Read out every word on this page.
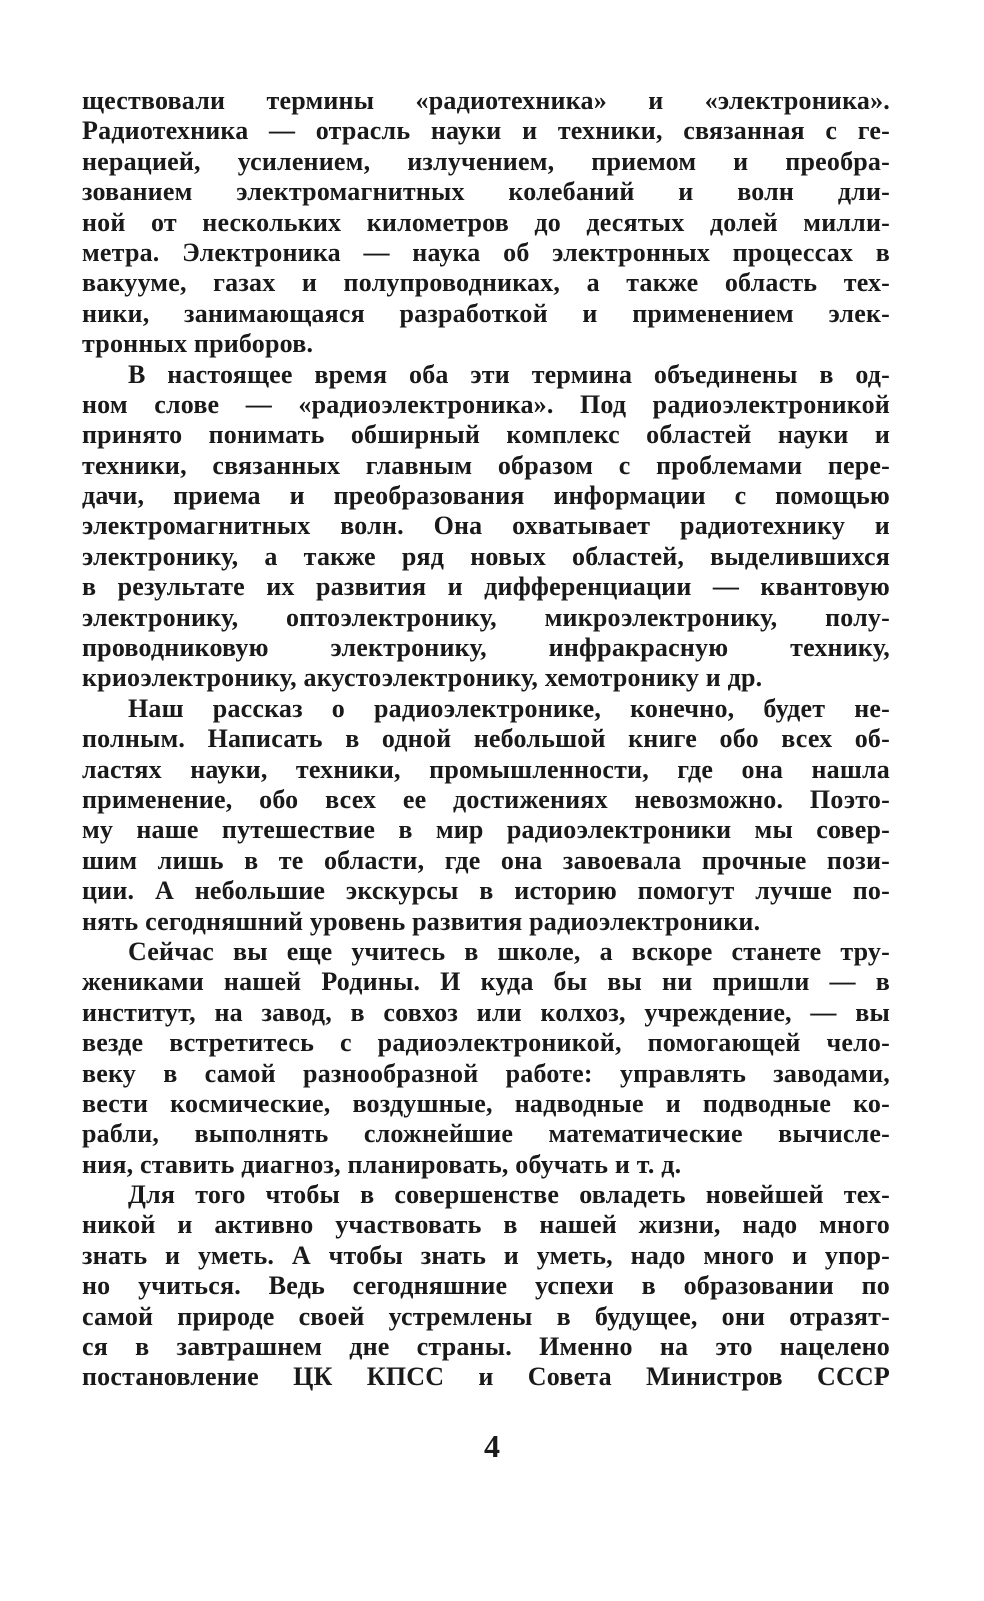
ществовали термины «радиотехника» и «электроника».
Радиотехника — отрасль науки и техники, связанная с ге-
нерацией, усилением, излучением, приемом и преобра-
зованием электромагнитных колебаний и волн дли-
ной от нескольких километров до десятых долей милли-
метра. Электроника — наука об электронных процессах в
вакууме, газах и полупроводниках, а также область тех-
ники, занимающаяся разработкой и применением элек-
тронных приборов.
В настоящее время оба эти термина объединены в од-
ном слове — «радиоэлектроника». Под радиоэлектроникой
принято понимать обширный комплекс областей науки и
техники, связанных главным образом с проблемами пере-
дачи, приема и преобразования информации с помощью
электромагнитных волн. Она охватывает радиотехнику и
электронику, а также ряд новых областей, выделившихся
в результате их развития и дифференциации — квантовую
электронику, оптоэлектронику, микроэлектронику, полу-
проводниковую электронику, инфракрасную технику,
криоэлектронику, акустоэлектронику, хемотронику и др.
Наш рассказ о радиоэлектронике, конечно, будет не-
полным. Написать в одной небольшой книге обо всех об-
ластях науки, техники, промышленности, где она нашла
применение, обо всех ее достижениях невозможно. Поэто-
му наше путешествие в мир радиоэлектроники мы совер-
шим лишь в те области, где она завоевала прочные пози-
ции. А небольшие экскурсы в историю помогут лучше по-
нять сегодняшний уровень развития радиоэлектроники.
Сейчас вы еще учитесь в школе, а вскоре станете тру-
жениками нашей Родины. И куда бы вы ни пришли — в
институт, на завод, в совхоз или колхоз, учреждение, — вы
везде встретитесь с радиоэлектроникой, помогающей чело-
веку в самой разнообразной работе: управлять заводами,
вести космические, воздушные, надводные и подводные ко-
рабли, выполнять сложнейшие математические вычисле-
ния, ставить диагноз, планировать, обучать и т. д.
Для того чтобы в совершенстве овладеть новейшей тех-
никой и активно участвовать в нашей жизни, надо много
знать и уметь. А чтобы знать и уметь, надо много и упор-
но учиться. Ведь сегодняшние успехи в образовании по
самой природе своей устремлены в будущее, они отразят-
ся в завтрашнем дне страны. Именно на это нацелено
постановление ЦК КПСС и Совета Министров СССР
4
